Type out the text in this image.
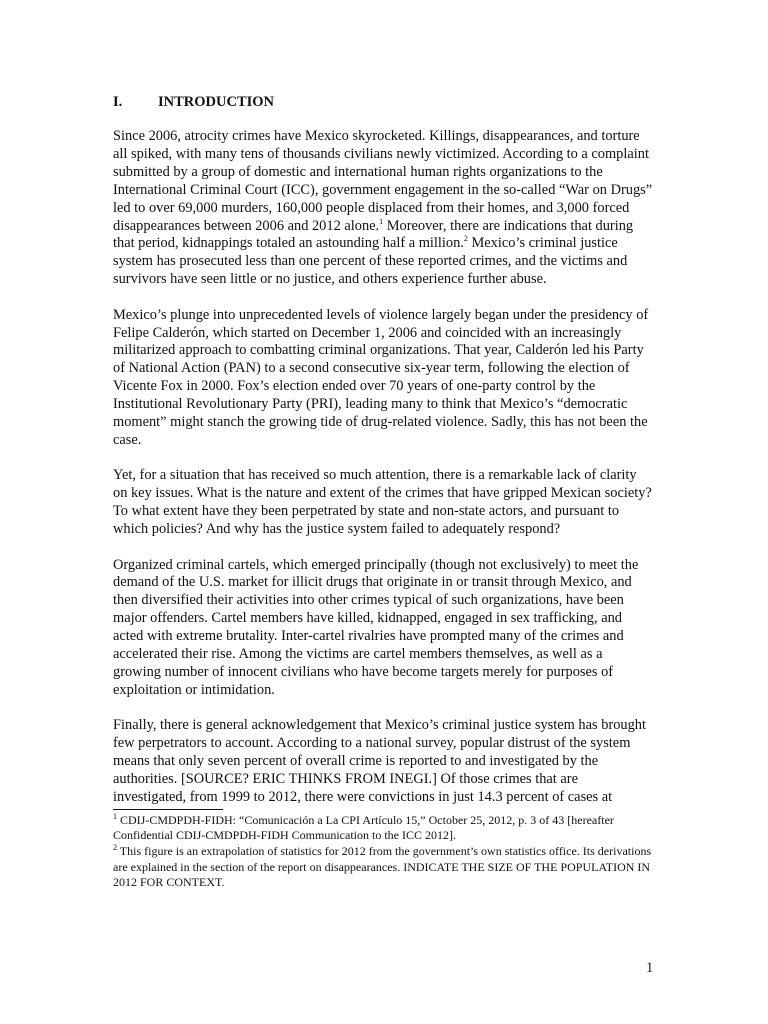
I. INTRODUCTION

Since 2006, atrocity crimes have Mexico skyrocketed. Killings, disappearances, and torture all spiked, with many tens of thousands civilians newly victimized. According to a complaint submitted by a group of domestic and international human rights organizations to the International Criminal Court (ICC), government engagement in the so-called “War on Drugs” led to over 69,000 murders, 160,000 people displaced from their homes, and 3,000 forced disappearances between 2006 and 2012 alone.$^1$ Moreover, there are indications that during that period, kidnappings totaled an astounding half a million.$^2$ Mexico’s criminal justice system has prosecuted less than one percent of these reported crimes, and the victims and survivors have seen little or no justice, and others experience further abuse.

Mexico’s plunge into unprecedented levels of violence largely began under the presidency of Felipe Calderón, which started on December 1, 2006 and coincided with an increasingly militarized approach to combatting criminal organizations. That year, Calderón led his Party of National Action (PAN) to a second consecutive six-year term, following the election of Vicente Fox in 2000. Fox’s election ended over 70 years of one-party control by the Institutional Revolutionary Party (PRI), leading many to think that Mexico’s “democratic moment” might stanch the growing tide of drug-related violence. Sadly, this has not been the case.

Yet, for a situation that has received so much attention, there is a remarkable lack of clarity on key issues. What is the nature and extent of the crimes that have gripped Mexican society? To what extent have they been perpetrated by state and non-state actors, and pursuant to which policies? And why has the justice system failed to adequately respond?

Organized criminal cartels, which emerged principally (though not exclusively) to meet the demand of the U.S. market for illicit drugs that originate in or transit through Mexico, and then diversified their activities into other crimes typical of such organizations, have been major offenders. Cartel members have killed, kidnapped, engaged in sex trafficking, and acted with extreme brutality. Inter-cartel rivalries have prompted many of the crimes and accelerated their rise. Among the victims are cartel members themselves, as well as a growing number of innocent civilians who have become targets merely for purposes of exploitation or intimidation.

Finally, there is general acknowledgement that Mexico’s criminal justice system has brought few perpetrators to account. According to a national survey, popular distrust of the system means that only seven percent of overall crime is reported to and investigated by the authorities. [SOURCE? ERIC THINKS FROM INEGI.] Of those crimes that are investigated, from 1999 to 2012, there were convictions in just 14.3 percent of cases at

$^1$ CDIJ-CMDPDH-FIDH: “Comunicación a La CPI Artículo 15,” October 25, 2012, p. 3 of 43 [hereafter Confidential CDIJ-CMDPDH-FIDH Communication to the ICC 2012].

$^2$ This figure is an extrapolation of statistics for 2012 from the government’s own statistics office. Its derivations are explained in the section of the report on disappearances. INDICATE THE SIZE OF THE POPULATION IN 2012 FOR CONTEXT.

1
